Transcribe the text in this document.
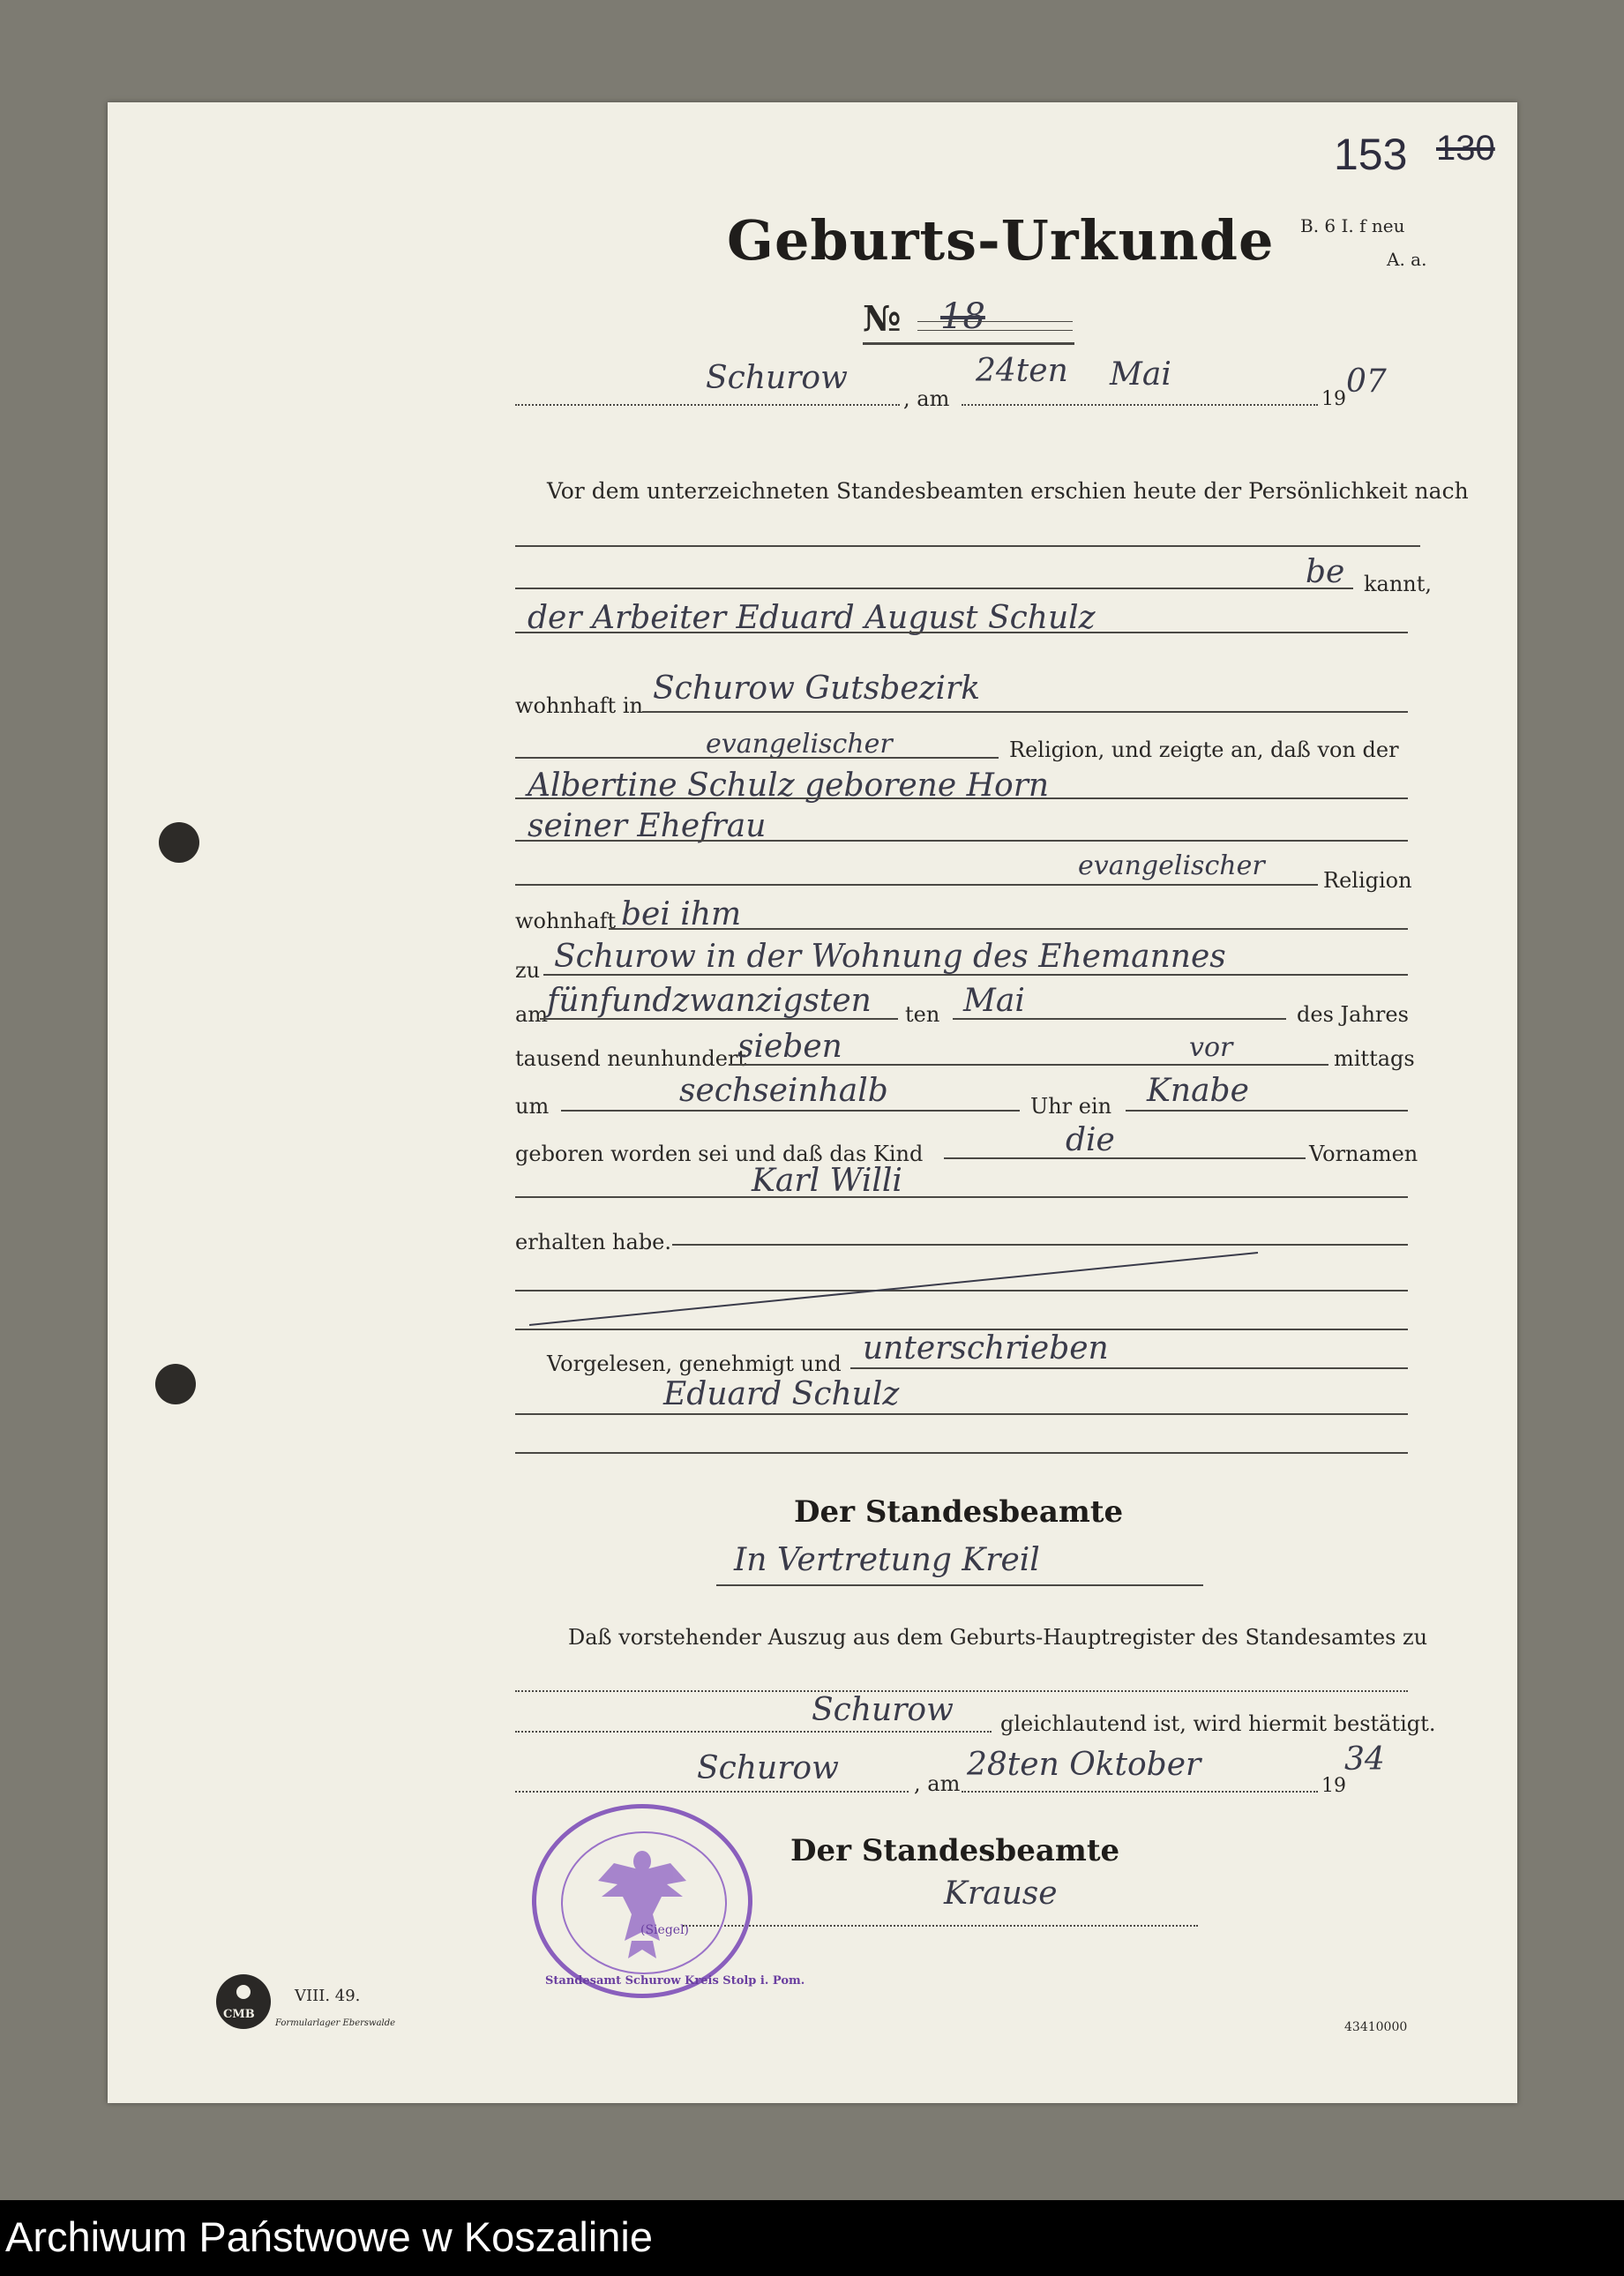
153 130
B. 6 I. f neu
A. a.
Geburts-Urkunde
№ 18
Schurow
, am
24ten Mai
19 07
Vor dem unterzeichneten Standesbeamten erschien heute der Persönlichkeit nach
be kannt,
der Arbeiter Eduard August Schulz
wohnhaft in Schurow Gutsbezirk
evangelischer	Religion, und zeigte an, daß von der
Albertine Schulz geborene Horn
seiner Ehefrau
evangelischer	Religion
wohnhaft bei ihm
zu Schurow in der Wohnung des Ehemannes
am
fünfundzwanzigsten ten Mai	des Jahres
tausend neunhundert
sieben	vor	mittags
um	sechseinhalb	Uhr ein Knabe
geboren worden sei und daß das Kind	die	Vornamen
Karl Willi
erhalten habe.
Vorgelesen, genehmigt und unterschrieben
Eduard Schulz
Der Standesbeamte
In Vertretung Kreil
Daß vorstehender Auszug aus dem Geburts-Hauptregister des Standesamtes zu
Schurow gleichlautend ist, wird hiermit bestätigt.
Schurow	, am
28ten Oktober
19
34
Der Standesbeamte
Krause
(Siegel)
Standesamt Schurow Kreis Stolp i. Pom.
CMB
VIII. 49.
Formularlager Eberswalde	43410000
Archiwum Państwowe w Koszalinie
